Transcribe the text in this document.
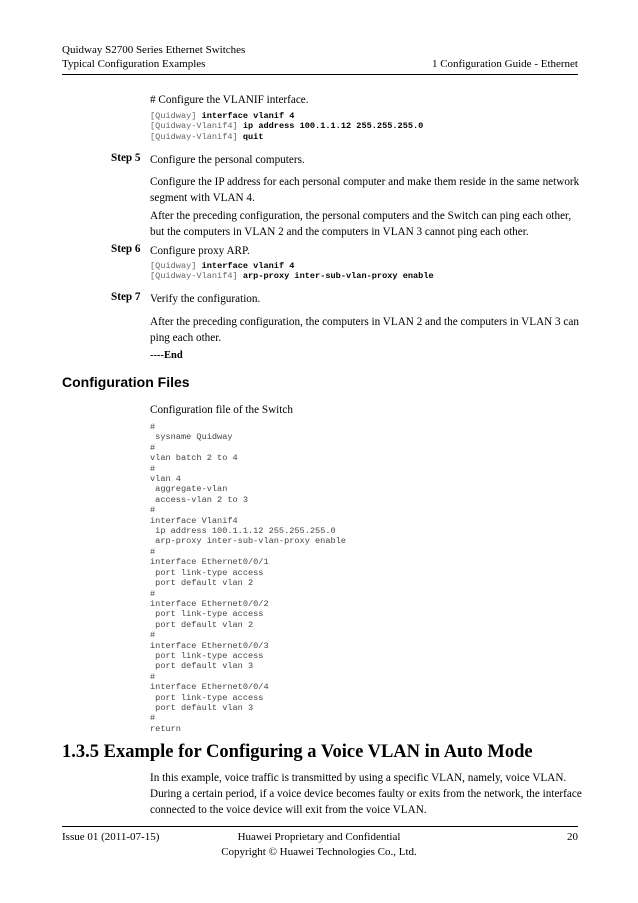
Quidway S2700 Series Ethernet Switches
Typical Configuration Examples	1 Configuration Guide - Ethernet
# Configure the VLANIF interface.
[Quidway] interface vlanif 4
[Quidway-Vlanif4] ip address 100.1.1.12 255.255.255.0
[Quidway-Vlanif4] quit
Step 5 Configure the personal computers.
Configure the IP address for each personal computer and make them reside in the same network
segment with VLAN 4.
After the preceding configuration, the personal computers and the Switch can ping each other,
but the computers in VLAN 2 and the computers in VLAN 3 cannot ping each other.
Step 6 Configure proxy ARP.
[Quidway] interface vlanif 4
[Quidway-Vlanif4] arp-proxy inter-sub-vlan-proxy enable
Step 7 Verify the configuration.
After the preceding configuration, the computers in VLAN 2 and the computers in VLAN 3 can
ping each other.
----End
Configuration Files
Configuration file of the Switch
#
sysname Quidway
#
vlan batch 2 to 4
#
vlan 4
aggregate-vlan
access-vlan 2 to 3
#
interface Vlanif4
ip address 100.1.1.12 255.255.255.0
arp-proxy inter-sub-vlan-proxy enable
#
interface Ethernet0/0/1
port link-type access
port default vlan 2
#
interface Ethernet0/0/2
port link-type access
port default vlan 2
#
interface Ethernet0/0/3
port link-type access
port default vlan 3
#
interface Ethernet0/0/4
port link-type access
port default vlan 3
#
return
1.3.5 Example for Configuring a Voice VLAN in Auto Mode
In this example, voice traffic is transmitted by using a specific VLAN, namely, voice VLAN.
During a certain period, if a voice device becomes faulty or exits from the network, the interface
connected to the voice device will exit from the voice VLAN.
Issue 01 (2011-07-15)	Huawei Proprietary and Confidential
Copyright © Huawei Technologies Co., Ltd.
20
